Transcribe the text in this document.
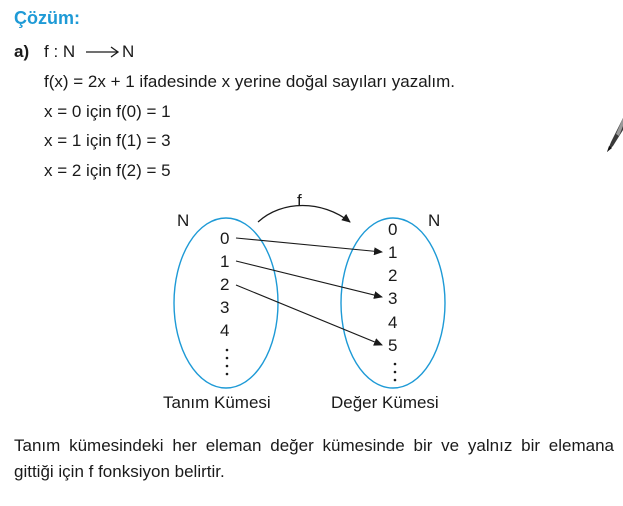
Çözüm:
a) f : N	N
f(x) = 2x + 1 ifadesinde x yerine doğal sayıları yazalım.
x = 0 için f(0) = 1
x = 1 için f(1) = 3
x = 2 için f(2) = 5
f
N	N
0
1
2
3
4
0
1
2
3
4
5
Tanım Kümesi	Değer Kümesi
Tanım kümesindeki her eleman değer kümesinde bir ve yalnız bir elemana gittiği için f fonksiyon belirtir.
